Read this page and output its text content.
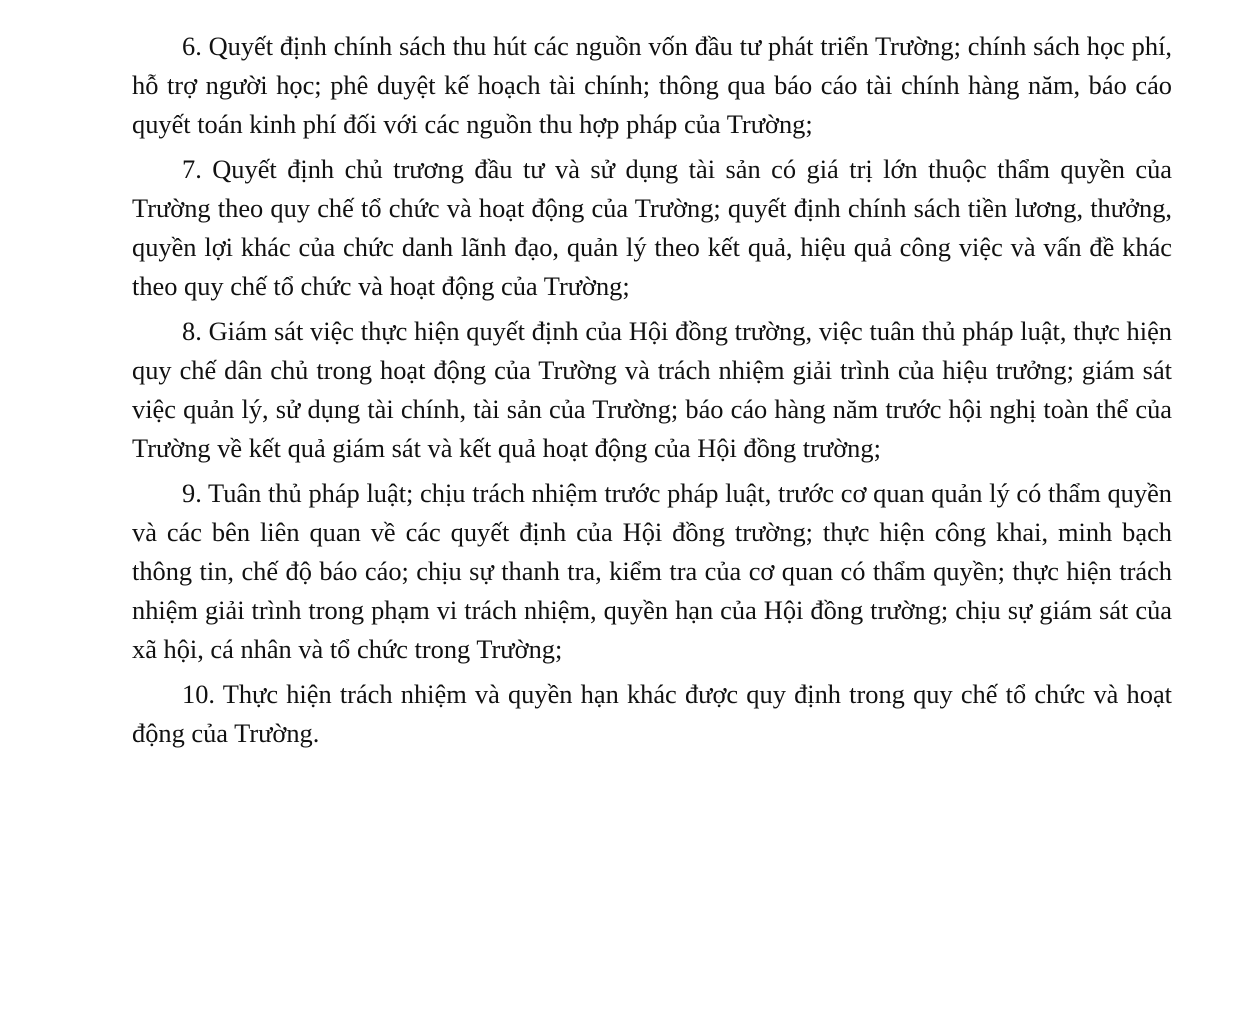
6. Quyết định chính sách thu hút các nguồn vốn đầu tư phát triển Trường; chính sách học phí, hỗ trợ người học; phê duyệt kế hoạch tài chính; thông qua báo cáo tài chính hàng năm, báo cáo quyết toán kinh phí đối với các nguồn thu hợp pháp của Trường;

7. Quyết định chủ trương đầu tư và sử dụng tài sản có giá trị lớn thuộc thẩm quyền của Trường theo quy chế tổ chức và hoạt động của Trường; quyết định chính sách tiền lương, thưởng, quyền lợi khác của chức danh lãnh đạo, quản lý theo kết quả, hiệu quả công việc và vấn đề khác theo quy chế tổ chức và hoạt động của Trường;

8. Giám sát việc thực hiện quyết định của Hội đồng trường, việc tuân thủ pháp luật, thực hiện quy chế dân chủ trong hoạt động của Trường và trách nhiệm giải trình của hiệu trưởng; giám sát việc quản lý, sử dụng tài chính, tài sản của Trường; báo cáo hàng năm trước hội nghị toàn thể của Trường về kết quả giám sát và kết quả hoạt động của Hội đồng trường;

9. Tuân thủ pháp luật; chịu trách nhiệm trước pháp luật, trước cơ quan quản lý có thẩm quyền và các bên liên quan về các quyết định của Hội đồng trường; thực hiện công khai, minh bạch thông tin, chế độ báo cáo; chịu sự thanh tra, kiểm tra của cơ quan có thẩm quyền; thực hiện trách nhiệm giải trình trong phạm vi trách nhiệm, quyền hạn của Hội đồng trường; chịu sự giám sát của xã hội, cá nhân và tổ chức trong Trường;

10. Thực hiện trách nhiệm và quyền hạn khác được quy định trong quy chế tổ chức và hoạt động của Trường.
